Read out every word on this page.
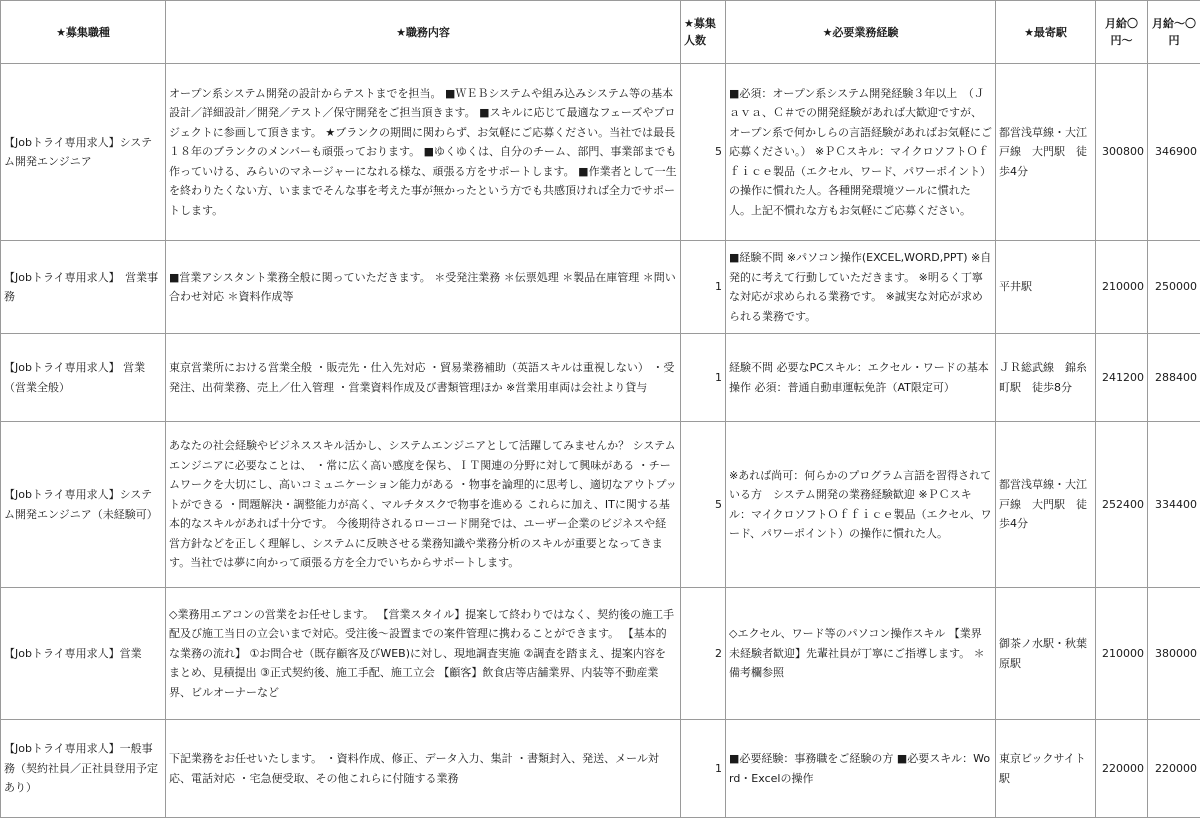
★募集職種	★職務内容	★募集人数	★必要業務経験	★最寄駅	月給〇円〜	月給〜〇円
【Jobトライ専用求人】システム開発エンジニア	オープン系システム開発の設計からテストまでを担当。 ■ＷＥＢシステムや組み込みシステム等の基本設計／詳細設計／開発／テスト／保守開発をご担当頂きます。 ■スキルに応じて最適なフェーズやプロジェクトに参画して頂きます。 ★ブランクの期間に関わらず、お気軽にご応募ください。当社では最長１８年のブランクのメンバーも頑張っております。 ■ゆくゆくは、自分のチーム、部門、事業部までも作っていける、みらいのマネージャーになれる様な、頑張る方をサポートします。 ■作業者として一生を終わりたくない方、いままでそんな事を考えた事が無かったという方でも共感頂ければ全力でサポートします。	5	■必須：オープン系システム開発経験３年以上　（Ｊａｖａ、Ｃ＃での開発経験があれば大歓迎ですが、オープン系で何かしらの言語経験があればお気軽にご応募ください。） ※ＰＣスキル：マイクロソフトＯｆｆｉｃｅ製品（エクセル、ワード、パワーポイント）の操作に慣れた人。各種開発環境ツールに慣れた人。上記不慣れな方もお気軽にご応募ください。	都営浅草線・大江戸線　大門駅　徒歩4分	300800	346900
【Jobトライ専用求人】　営業事務	■営業アシスタント業務全般に関っていただきます。 ＊受発注業務 ＊伝票処理 ＊製品在庫管理 ＊問い合わせ対応 ＊資料作成等	1	■経験不問 ※パソコン操作(EXCEL,WORD,PPT) ※自発的に考えて行動していただきます。 ※明るく丁寧な対応が求められる業務です。 ※誠実な対応が求められる業務です。	平井駅	210000	250000
【Jobトライ専用求人】 営業（営業全般）	東京営業所における営業全般 ・販売先・仕入先対応 ・貿易業務補助（英語スキルは重視しない） ・受発注、出荷業務、売上／仕入管理 ・営業資料作成及び書類管理ほか ※営業用車両は会社より貸与	1	経験不問 必要なPCスキル：エクセル・ワードの基本操作 必須：普通自動車運転免許（AT限定可）	ＪＲ総武線　錦糸町駅　徒歩8分	241200	288400
【Jobトライ専用求人】システム開発エンジニア（未経験可）	あなたの社会経験やビジネススキル活かし、システムエンジニアとして活躍してみませんか？ システムエンジニアに必要なことは、 ・常に広く高い感度を保ち、ＩＴ関連の分野に対して興味がある ・チームワークを大切にし、高いコミュニケーション能力がある ・物事を論理的に思考し、適切なアウトプットができる ・問題解決・調整能力が高く、マルチタスクで物事を進める これらに加え、ITに関する基本的なスキルがあれば十分です。 今後期待されるローコード開発では、ユーザー企業のビジネスや経営方針などを正しく理解し、システムに反映させる業務知識や業務分析のスキルが重要となってきます。当社では夢に向かって頑張る方を全力でいちからサポートします。	5	※あれば尚可：何らかのプログラム言語を習得されている方　システム開発の業務経験歓迎 ※ＰＣスキル：マイクロソフトＯｆｆｉｃｅ製品（エクセル、ワード、パワーポイント）の操作に慣れた人。	都営浅草線・大江戸線　大門駅　徒歩4分	252400	334400
【Jobトライ専用求人】営業	◇業務用エアコンの営業をお任せします。 【営業スタイル】提案して終わりではなく、契約後の施工手配及び施工当日の立会いまで対応。受注後～設置までの案件管理に携わることができます。 【基本的な業務の流れ】 ①お問合せ（既存顧客及びWEB)に対し、現地調査実施 ②調査を踏まえ、提案内容をまとめ、見積提出 ③正式契約後、施工手配、施工立会 【顧客】飲食店等店舗業界、内装等不動産業界、ビルオーナーなど	2	◇エクセル、ワード等のパソコン操作スキル 【業界未経験者歓迎】先輩社員が丁寧にご指導します。 ＊備考欄参照	御茶ノ水駅・秋葉原駅	210000	380000
【Jobトライ専用求人】一般事務（契約社員／正社員登用予定あり）	下記業務をお任せいたします。 ・資料作成、修正、データ入力、集計 ・書類封入、発送、メール対応、電話対応 ・宅急便受取、その他これらに付随する業務	1	■必要経験：事務職をご経験の方 ■必要スキル：Word・Excelの操作	東京ビックサイト駅	220000	220000
